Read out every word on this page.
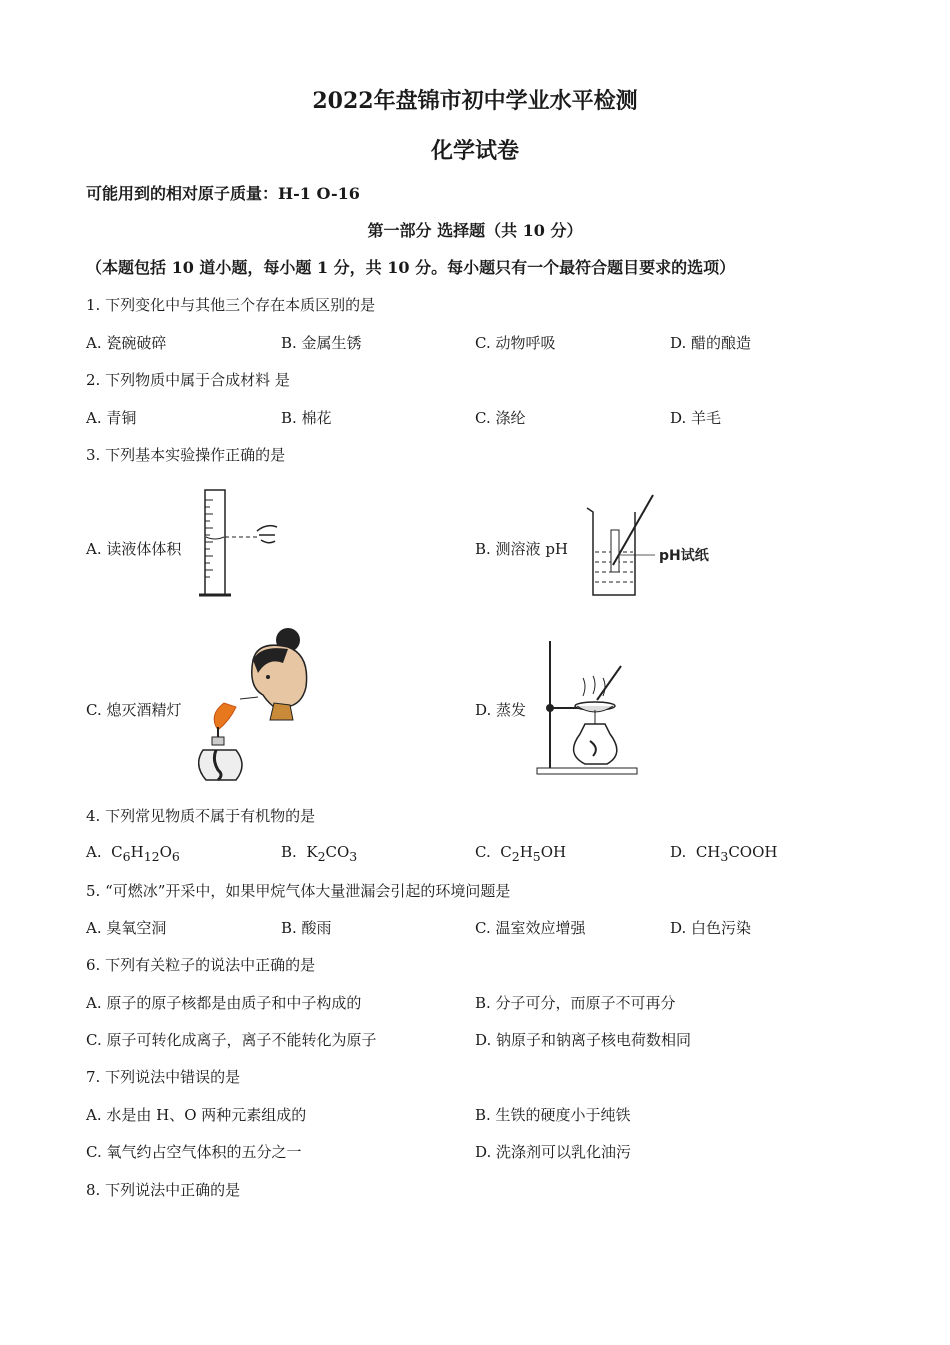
2022年盘锦市初中学业水平检测
化学试卷
可能用到的相对原子质量：H-1 O-16
第一部分 选择题（共 10 分）
（本题包括 10 道小题，每小题 1 分，共 10 分。每小题只有一个最符合题目要求的选项）
1. 下列变化中与其他三个存在本质区别的是
A. 瓷碗破碎	B. 金属生锈	C. 动物呼吸	D. 醋的酿造
2. 下列物质中属于合成材料 是
A. 青铜	B. 棉花	C. 涤纶	D. 羊毛
3. 下列基本实验操作正确的是
A. 读液体体积	B. 测溶液 pH
C. 熄灭酒精灯	D. 蒸发
pH试纸
4. 下列常见物质不属于有机物的是
A. $C_6H_{12}O_6$	B. $K_2CO_3$	C. $C_2H_5OH$	D. $CH_3COOH$
5. “可燃冰”开采中，如果甲烷气体大量泄漏会引起的环境问题是
A. 臭氧空洞	B. 酸雨	C. 温室效应增强	D. 白色污染
6. 下列有关粒子的说法中正确的是
A. 原子的原子核都是由质子和中子构成的	B. 分子可分，而原子不可再分
C. 原子可转化成离子，离子不能转化为原子	D. 钠原子和钠离子核电荷数相同
7. 下列说法中错误的是
A. 水是由 H、O 两种元素组成的	B. 生铁的硬度小于纯铁
C. 氧气约占空气体积的五分之一	D. 洗涤剂可以乳化油污
8. 下列说法中正确的是
